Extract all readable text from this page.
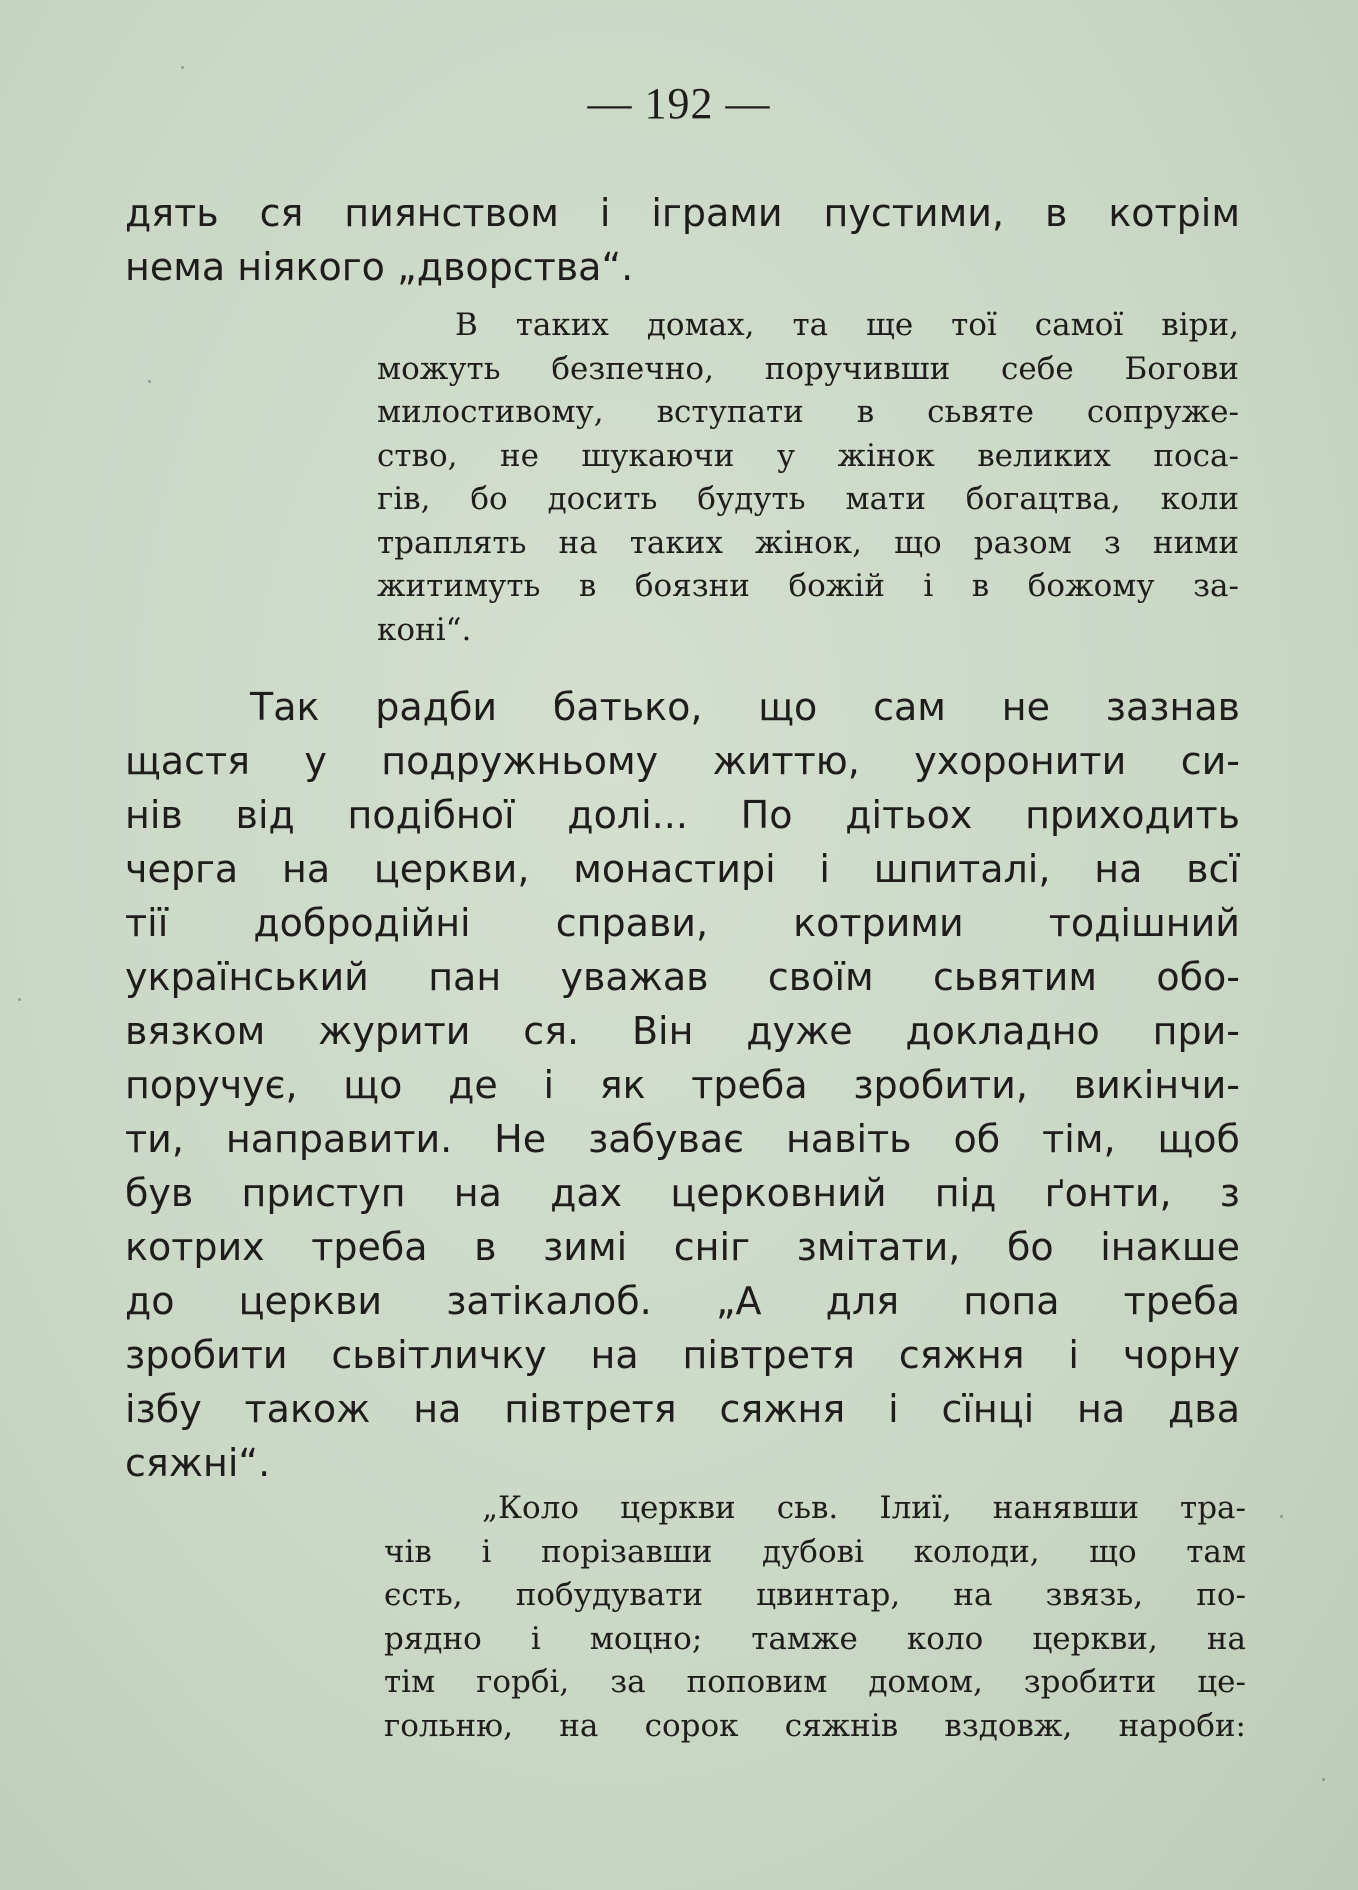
— 192 —
дять ся пиянством і іграми пустими, в котрім
нема ніякого „дворства“.
В таких домах, та ще тої самої віри,
можуть безпечно, поручивши себе Богови
милостивому, вступати в сьвяте сопруже-
ство, не шукаючи у жінок великих поса-
гів, бо досить будуть мати богацтва, коли
траплять на таких жінок, що разом з ними
житимуть в боязни божій і в божому за-
коні“.
Так радби батько, що сам не зазнав
щастя у подружньому життю, ухоронити си-
нів від подібної долі... По дітьох приходить
черга на церкви, монастирі і шпиталі, на всї
тії добродійні справи, котрими тодішний
український пан уважав своїм сьвятим обо-
вязком журити ся. Він дуже докладно при-
поручує, що де і як треба зробити, викінчи-
ти, направити. Не забуває навіть об тім, щоб
був приступ на дах церковний під ґонти, з
котрих треба в зимі сніг змітати, бо інакше
до церкви затікалоб. „А для попа треба
зробити сьвітличку на півтретя сяжня і чорну
ізбу також на півтретя сяжня і сїнці на два
сяжні“.
„Коло церкви сьв. Ілиї, нанявши тра-
чів і порізавши дубові колоди, що там
єсть, побудувати цвинтар, на звязь, по-
рядно і моцно; тамже коло церкви, на
тім горбі, за поповим домом, зробити це-
гольню, на сорок сяжнів вздовж, нароби:
